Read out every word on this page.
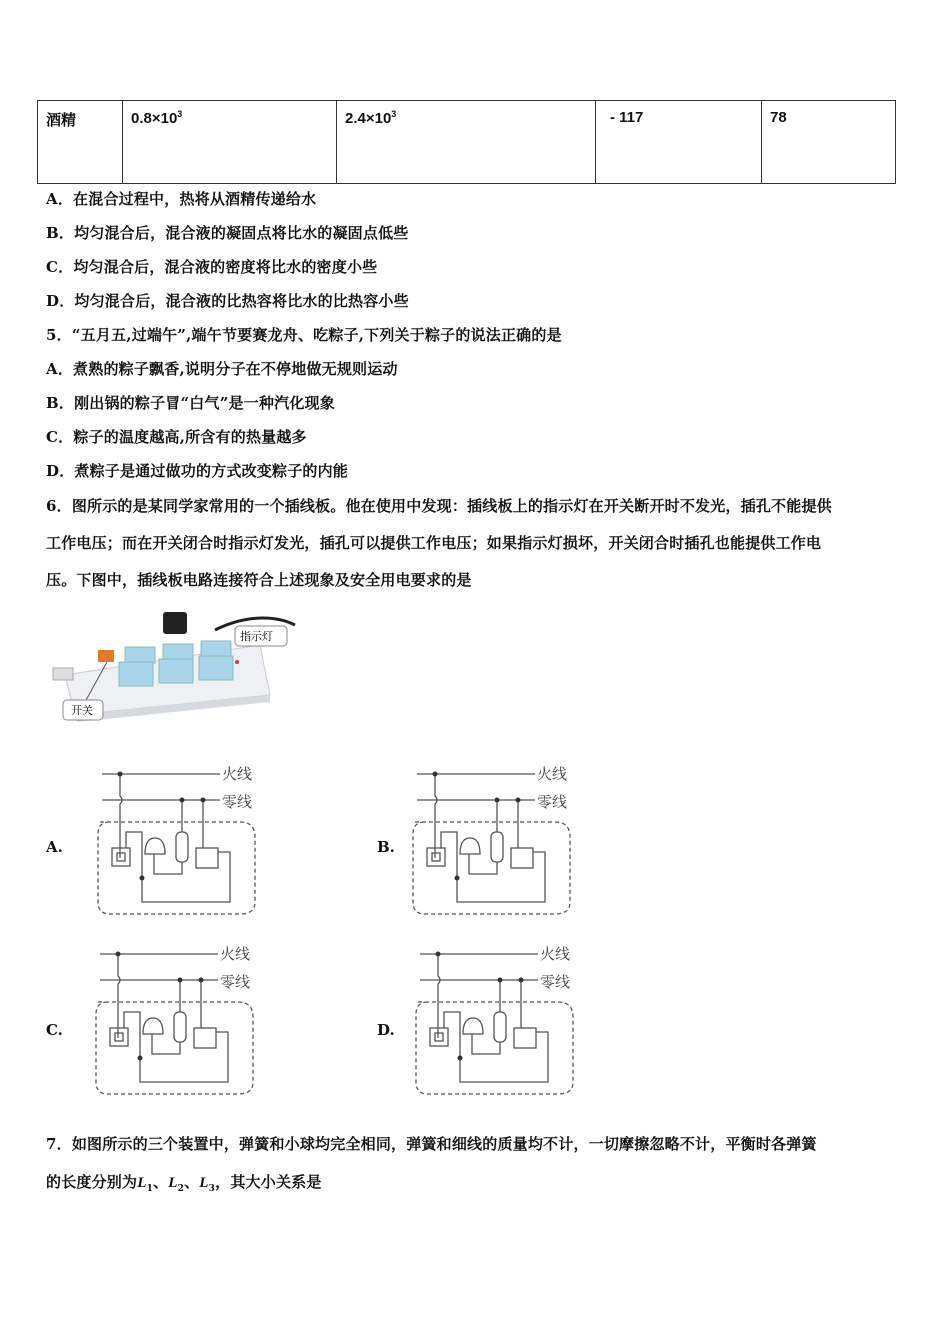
酒精	$0.8\times 10^3$	$2.4\times 10^3$	- 117	78
A．在混合过程中，热将从酒精传递给水
B．均匀混合后，混合液的凝固点将比水的凝固点低些
C．均匀混合后，混合液的密度将比水的密度小些
D．均匀混合后，混合液的比热容将比水的比热容小些
5．“五月五,过端午”,端午节要赛龙舟、吃粽子,下列关于粽子的说法正确的是
A．煮熟的粽子飘香,说明分子在不停地做无规则运动
B．刚出锅的粽子冒“白气”是一种汽化现象
C．粽子的温度越高,所含有的热量越多
D．煮粽子是通过做功的方式改变粽子的内能
6．图所示的是某同学家常用的一个插线板。他在使用中发现：插线板上的指示灯在开关断开时不发光，插孔不能提供
工作电压；而在开关闭合时指示灯发光，插孔可以提供工作电压；如果指示灯损坏，开关闭合时插孔也能提供工作电
压。下图中，插线板电路连接符合上述现象及安全用电要求的是
指示灯
开关
A.	B.
C.	D.
火线
零线
火线
零线
火线
零线
火线
零线
7．如图所示的三个装置中，弹簧和小球均完全相同，弹簧和细线的质量均不计，一切摩擦忽略不计，平衡时各弹簧
的长度分别为$L_1$、$L_2$、$L_3$，其大小关系是
